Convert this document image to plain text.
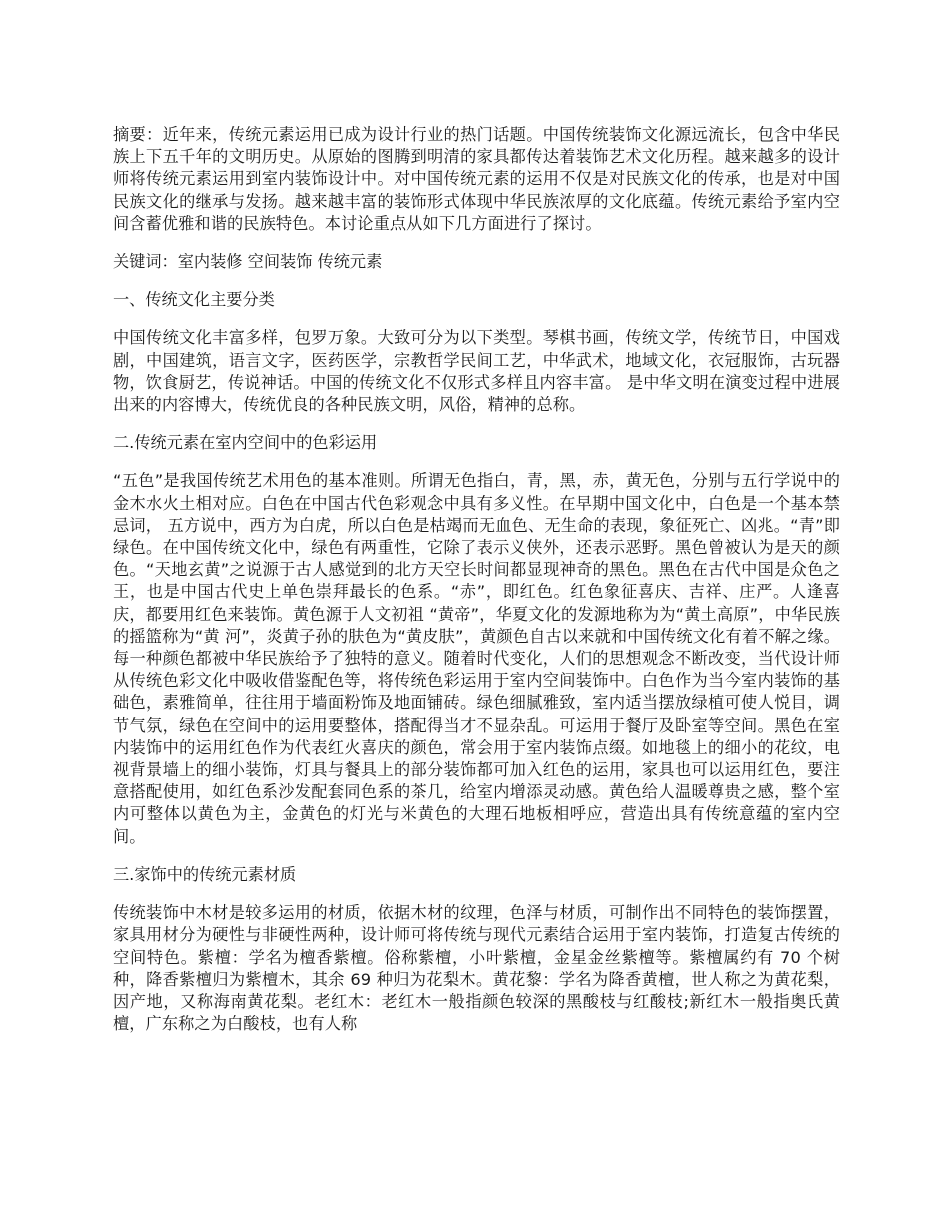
摘要：近年来，传统元素运用已成为设计行业的热门话题。中国传统装饰文化源远流长，包含中华民族上下五千年的文明历史。从原始的图腾到明清的家具都传达着装饰艺术文化历程。越来越多的设计师将传统元素运用到室内装饰设计中。对中国传统元素的运用不仅是对民族文化的传承，也是对中国民族文化的继承与发扬。越来越丰富的装饰形式体现中华民族浓厚的文化底蕴。传统元素给予室内空间含蓄优雅和谐的民族特色。本讨论重点从如下几方面进行了探讨。

关键词：室内装修 空间装饰 传统元素

一、传统文化主要分类

中国传统文化丰富多样，包罗万象。大致可分为以下类型。琴棋书画，传统文学，传统节日，中国戏剧，中国建筑，语言文字，医药医学，宗教哲学民间工艺，中华武术，地域文化，衣冠服饰，古玩器物，饮食厨艺，传说神话。中国的传统文化不仅形式多样且内容丰富。 是中华文明在演变过程中进展出来的内容博大，传统优良的各种民族文明，风俗，精神的总称。

二.传统元素在室内空间中的色彩运用

“五色”是我国传统艺术用色的基本准则。所谓无色指白，青，黑，赤，黄无色，分别与五行学说中的金木水火土相对应。白色在中国古代色彩观念中具有多义性。在早期中国文化中，白色是一个基本禁忌词， 五方说中，西方为白虎，所以白色是枯竭而无血色、无生命的表现，象征死亡、凶兆。“青”即绿色。在中国传统文化中，绿色有两重性，它除了表示义侠外，还表示恶野。黑色曾被认为是天的颜色。“天地玄黄”之说源于古人感觉到的北方天空长时间都显现神奇的黑色。黑色在古代中国是众色之王，也是中国古代史上单色崇拜最长的色系。“赤”，即红色。红色象征喜庆、吉祥、庄严。人逢喜庆，都要用红色来装饰。黄色源于人文初祖 “黄帝”，华夏文化的发源地称为为“黄土高原”，中华民族的摇篮称为“黄 河”，炎黄子孙的肤色为“黄皮肤”，黄颜色自古以来就和中国传统文化有着不解之缘。每一种颜色都被中华民族给予了独特的意义。随着时代变化，人们的思想观念不断改变，当代设计师从传统色彩文化中吸收借鉴配色等，将传统色彩运用于室内空间装饰中。白色作为当今室内装饰的基础色，素雅简单，往往用于墙面粉饰及地面铺砖。绿色细腻雅致，室内适当摆放绿植可使人悦目，调节气氛，绿色在空间中的运用要整体，搭配得当才不显杂乱。可运用于餐厅及卧室等空间。黑色在室内装饰中的运用红色作为代表红火喜庆的颜色，常会用于室内装饰点缀。如地毯上的细小的花纹，电视背景墙上的细小装饰，灯具与餐具上的部分装饰都可加入红色的运用，家具也可以运用红色，要注意搭配使用，如红色系沙发配套同色系的茶几，给室内增添灵动感。黄色给人温暖尊贵之感，整个室内可整体以黄色为主，金黄色的灯光与米黄色的大理石地板相呼应，营造出具有传统意蕴的室内空间。

三.家饰中的传统元素材质

传统装饰中木材是较多运用的材质，依据木材的纹理，色泽与材质，可制作出不同特色的装饰摆置，家具用材分为硬性与非硬性两种，设计师可将传统与现代元素结合运用于室内装饰，打造复古传统的空间特色。紫檀：学名为檀香紫檀。俗称紫檀，小叶紫檀，金星金丝紫檀等。紫檀属约有 70 个树种，降香紫檀归为紫檀木，其余 69 种归为花梨木。黄花黎：学名为降香黄檀，世人称之为黄花梨，因产地，又称海南黄花梨。老红木：老红木一般指颜色较深的黑酸枝与红酸枝;新红木一般指奥氏黄檀，广东称之为白酸枝，也有人称
